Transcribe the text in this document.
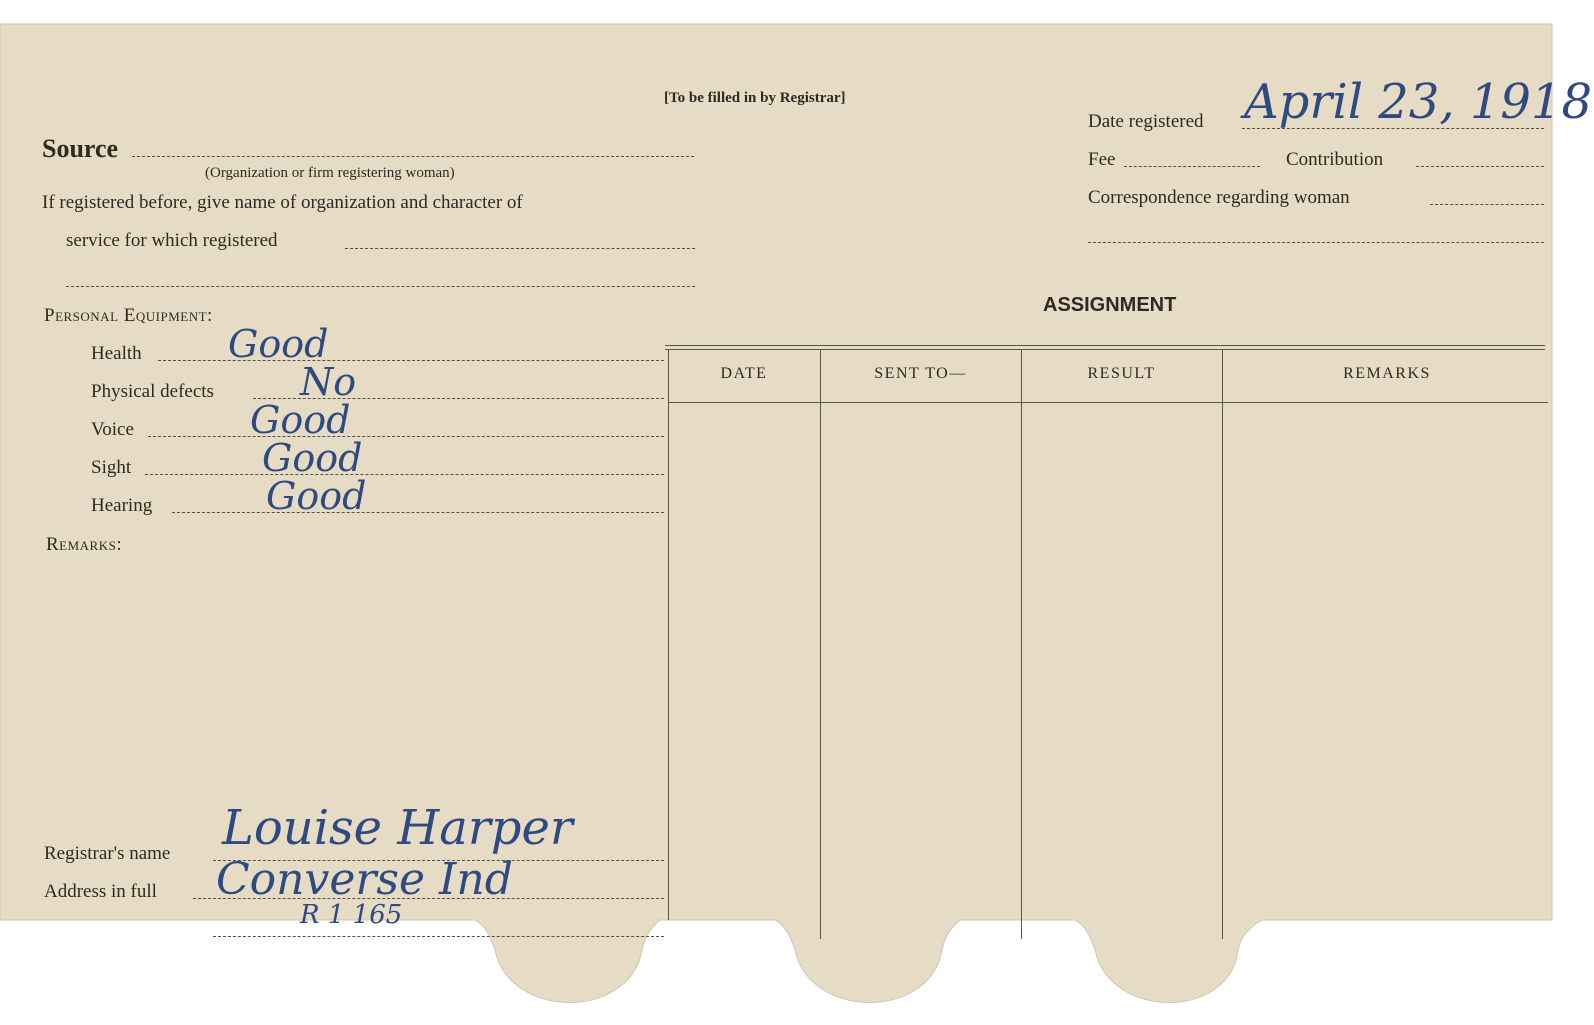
[To be filled in by Registrar]
Source
(Organization or firm registering woman)
If registered before, give name of organization and character of
service for which registered
Personal Equipment:
Health Good
Physical defects No
Voice	Good
Sight	Good
Hearing	Good
Remarks:
Registrar's name Louise Harper
Address in full Converse Ind
R 1 165
Date registered April 23, 1918
Fee	Contribution
Correspondence regarding woman
ASSIGNMENT
DATE	SENT TO—	RESULT	REMARKS
